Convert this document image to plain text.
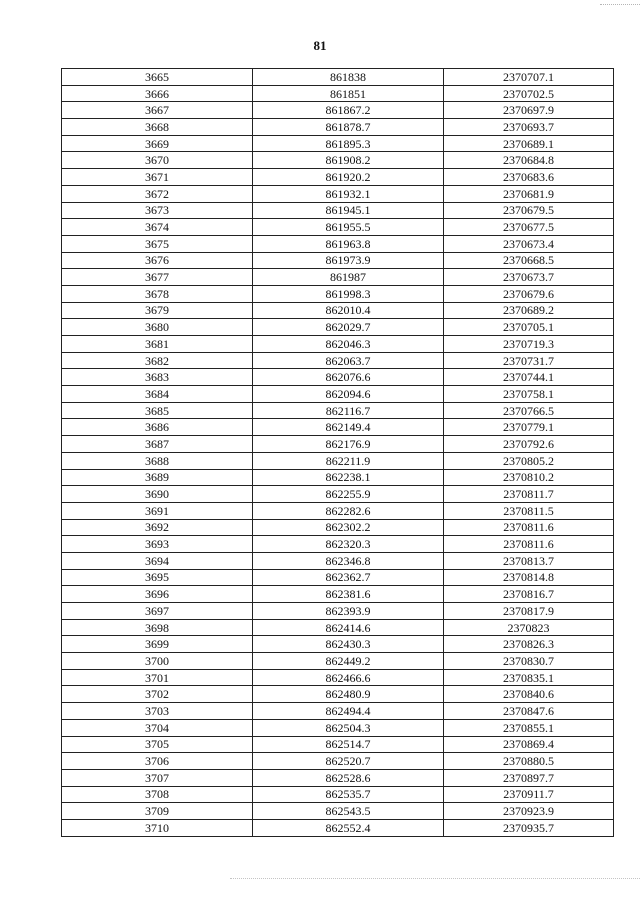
81
3665	861838	2370707.1
3666	861851	2370702.5
3667	861867.2	2370697.9
3668	861878.7	2370693.7
3669	861895.3	2370689.1
3670	861908.2	2370684.8
3671	861920.2	2370683.6
3672	861932.1	2370681.9
3673	861945.1	2370679.5
3674	861955.5	2370677.5
3675	861963.8	2370673.4
3676	861973.9	2370668.5
3677	861987	2370673.7
3678	861998.3	2370679.6
3679	862010.4	2370689.2
3680	862029.7	2370705.1
3681	862046.3	2370719.3
3682	862063.7	2370731.7
3683	862076.6	2370744.1
3684	862094.6	2370758.1
3685	862116.7	2370766.5
3686	862149.4	2370779.1
3687	862176.9	2370792.6
3688	862211.9	2370805.2
3689	862238.1	2370810.2
3690	862255.9	2370811.7
3691	862282.6	2370811.5
3692	862302.2	2370811.6
3693	862320.3	2370811.6
3694	862346.8	2370813.7
3695	862362.7	2370814.8
3696	862381.6	2370816.7
3697	862393.9	2370817.9
3698	862414.6	2370823
3699	862430.3	2370826.3
3700	862449.2	2370830.7
3701	862466.6	2370835.1
3702	862480.9	2370840.6
3703	862494.4	2370847.6
3704	862504.3	2370855.1
3705	862514.7	2370869.4
3706	862520.7	2370880.5
3707	862528.6	2370897.7
3708	862535.7	2370911.7
3709	862543.5	2370923.9
3710	862552.4	2370935.7
